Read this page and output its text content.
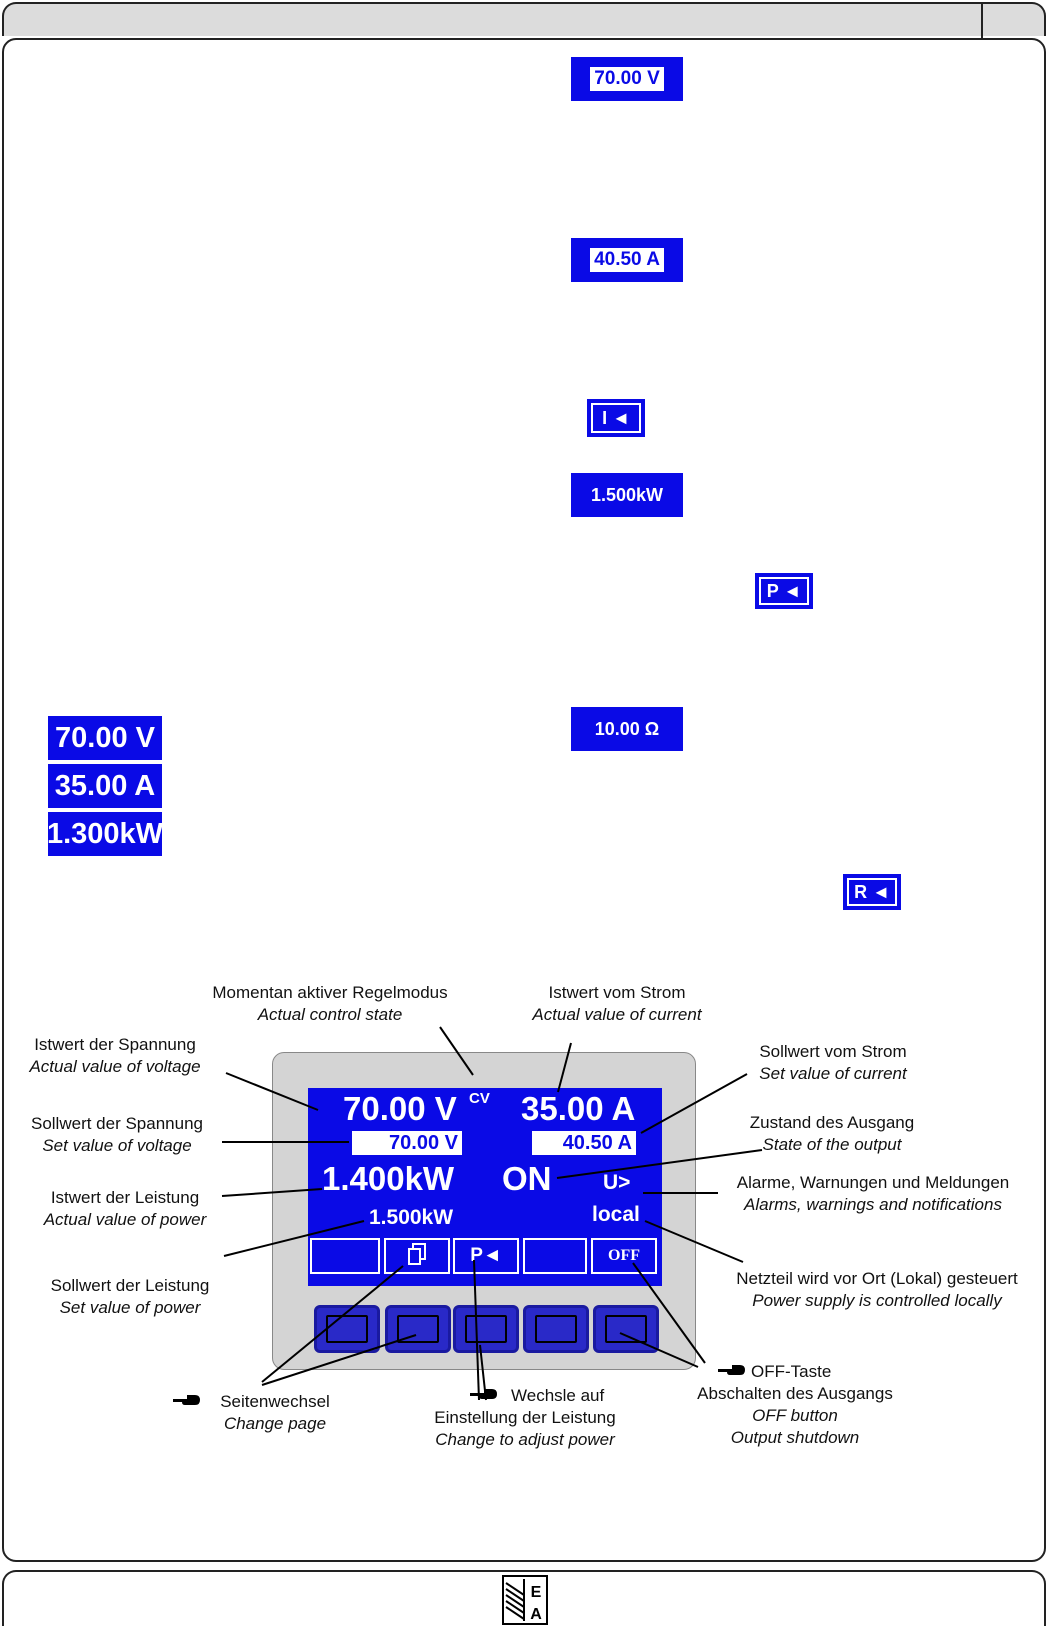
70.00 V
40.50 A
I ◄
1.500kW
P ◄
10.00 Ω
R ◄
70.00 V
35.00 A
1.300kW
70.00 V CV 35.00 A
70.00 V	40.50 A
1.400kW ON U>
1.500kW	local
P◄	OFF
Momentan aktiver Regelmodus
Actual control state
Istwert vom Strom
Actual value of current
Istwert der Spannung
Actual value of voltage
Sollwert vom Strom
Set value of current
Sollwert der Spannung
Set value of voltage
Zustand des Ausgang
State of the output
Istwert der Leistung
Actual value of power
Alarme, Warnungen und Meldungen
Alarms, warnings and notifications
Sollwert der Leistung
Set value of power
Netzteil wird vor Ort (Lokal) gesteuert
Power supply is controlled locally
Seitenwechsel
Change page
Wechsle auf
Einstellung der Leistung
Change to adjust power
OFF-Taste
Abschalten des Ausgangs
OFF button
Output shutdown
E
A
